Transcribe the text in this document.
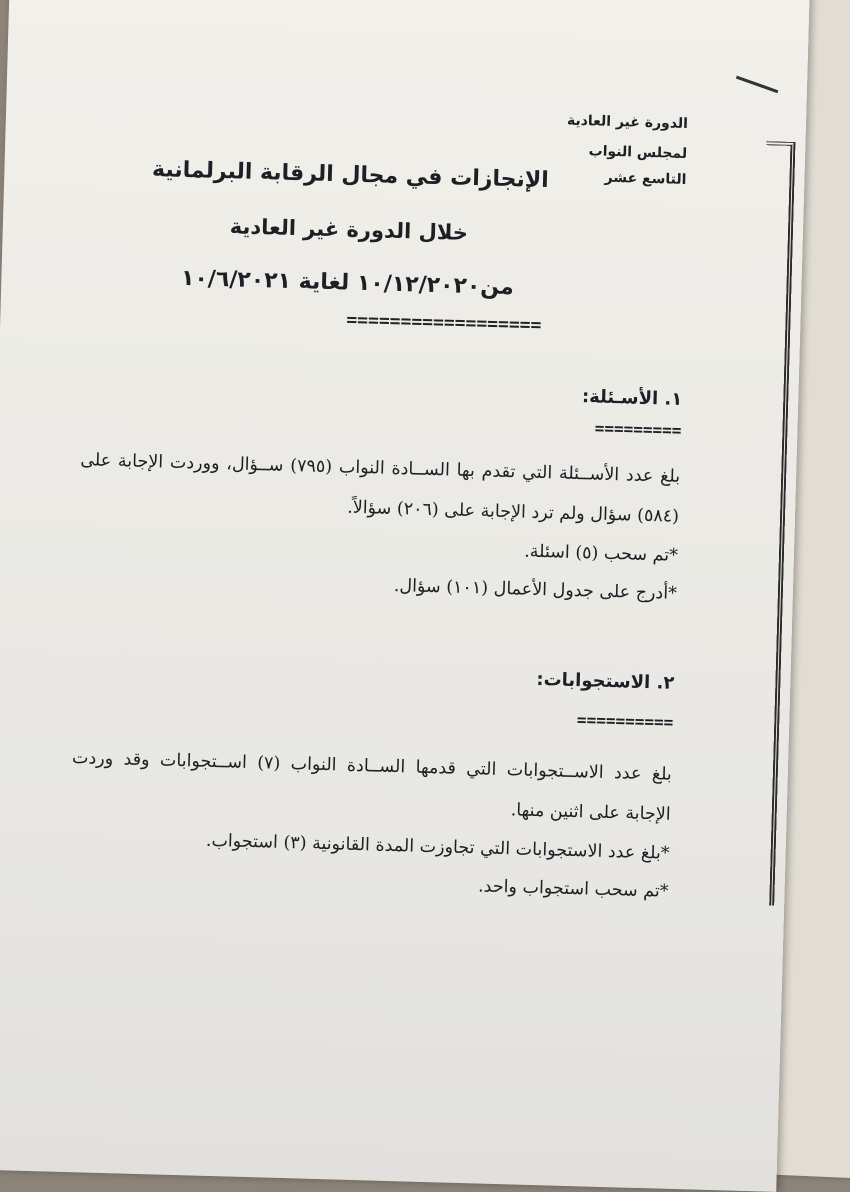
الدورة غير العادية
لمجلس النواب
التاسع عشر
الإنجازات في مجال الرقابة البرلمانية
خلال الدورة غير العادية
من١٠/١٢/٢٠٢٠ لغاية ١٠/٦/٢٠٢١
==================
١. الأسـئلة:
=========
بلغ عدد الأســئلة التي تقدم بها الســادة النواب (٧٩٥) ســؤال، ووردت الإجابة على (٥٨٤) سؤال ولم ترد الإجابة على (٢٠٦) سؤالاً.
*تم سحب (٥) اسئلة.
*أدرج على جدول الأعمال (١٠١) سؤال.
٢. الاستجوابات:
==========
بلغ عدد الاســتجوابات التي قدمها الســادة النواب (٧) اســتجوابات وقد وردت الإجابة على اثنين منها.
*بلغ عدد الاستجوابات التي تجاوزت المدة القانونية (٣) استجواب.
*تم سحب استجواب واحد.
